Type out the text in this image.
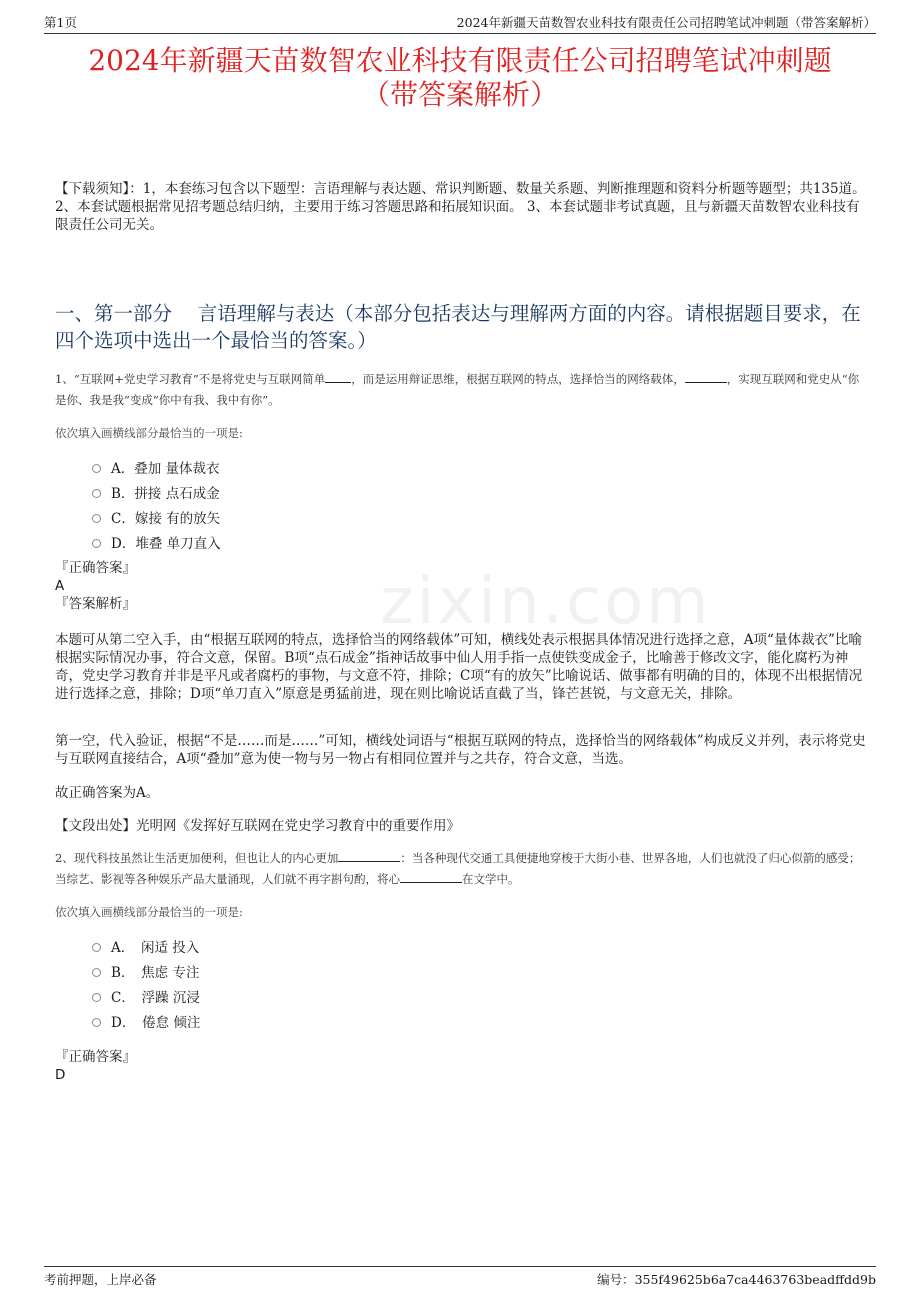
第1页	2024年新疆天苗数智农业科技有限责任公司招聘笔试冲刺题（带答案解析）
2024年新疆天苗数智农业科技有限责任公司招聘笔试冲刺题
（带答案解析）
【下载须知】：1，本套练习包含以下题型：言语理解与表达题、常识判断题、数量关系题、判断推理题和资料分析题等题型；共135道。 2、本套试题根据常见招考题总结归纳，主要用于练习答题思路和拓展知识面。 3、本套试题非考试真题，且与新疆天苗数智农业科技有限责任公司无关。
一、第一部分　 言语理解与表达（本部分包括表达与理解两方面的内容。请根据题目要求，在四个选项中选出一个最恰当的答案。）
zixin.com
1、“互联网+党史学习教育”不是将党史与互联网简单 ，而是运用辩证思维，根据互联网的特点，选择恰当的网络载体，	，实现互联网和党史从“你是你、我是我”变成“你中有我、我中有你”。
依次填入画横线部分最恰当的一项是:
A．叠加 量体裁衣
B．拼接 点石成金
C．嫁接 有的放矢
D．堆叠 单刀直入
『正确答案』
A
『答案解析』
本题可从第二空入手，由“根据互联网的特点，选择恰当的网络载体”可知，横线处表示根据具体情况进行选择之意，A项“量体裁衣”比喻根据实际情况办事，符合文意，保留。B项“点石成金”指神话故事中仙人用手指一点使铁变成金子，比喻善于修改文字，能化腐朽为神奇，党史学习教育并非是平凡或者腐朽的事物，与文意不符，排除；C项“有的放矢”比喻说话、做事都有明确的目的，体现不出根据情况进行选择之意，排除；D项“单刀直入”原意是勇猛前进，现在则比喻说话直截了当，锋芒甚锐，与文意无关，排除。
第一空，代入验证，根据“不是……而是……”可知，横线处词语与“根据互联网的特点，选择恰当的网络载体”构成反义并列，表示将党史与互联网直接结合，A项“叠加”意为使一物与另一物占有相同位置并与之共存，符合文意，当选。
故正确答案为A。
【文段出处】光明网《发挥好互联网在党史学习教育中的重要作用》
2、现代科技虽然让生活更加便利，但也让人的内心更加	：当各种现代交通工具便捷地穿梭于大街小巷、世界各地，人们也就没了归心似箭的感受；当综艺、影视等各种娱乐产品大量涌现，人们就不再字斟句酌，将心	在文学中。
依次填入画横线部分最恰当的一项是:
A．　闲适 投入
B．　焦虑 专注
C．　浮躁 沉浸
D．　倦怠 倾注
『正确答案』
D
考前押题，上岸必备	编号：355f49625b6a7ca4463763beadffdd9b
